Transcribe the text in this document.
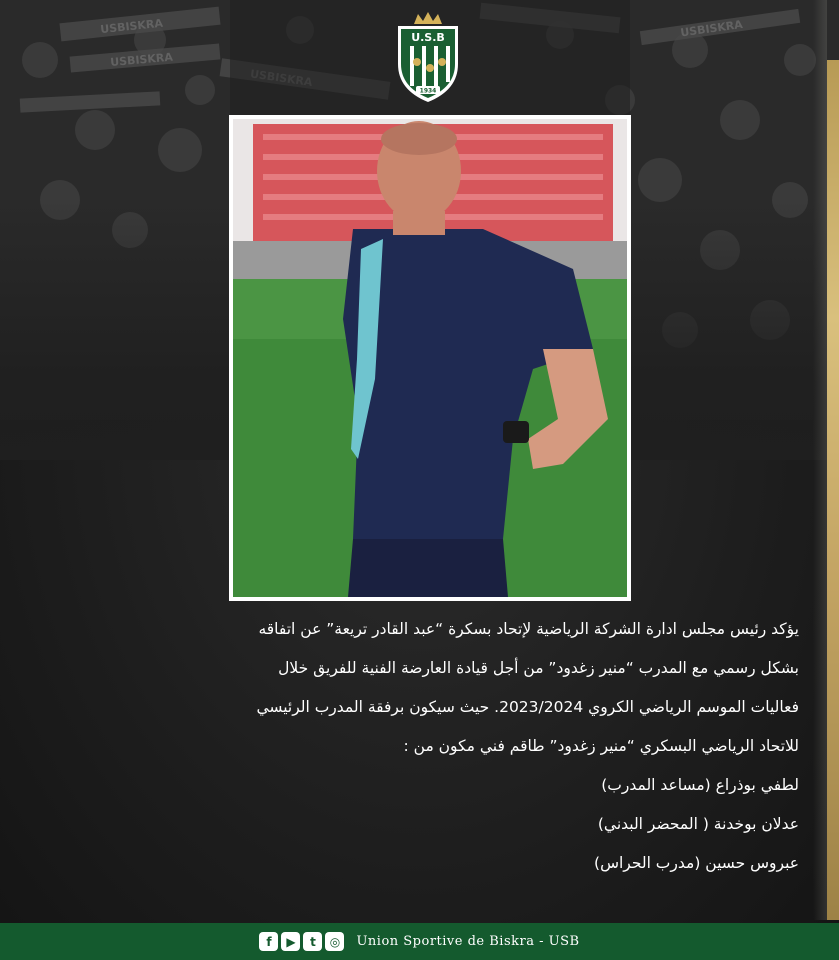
USBISKRA
USBISKRA
USBISKRA
U.S.B
1934
يؤكد رئيس مجلس ادارة الشركة الرياضية لإتحاد بسكرة “عبد القادر تريعة” عن اتفاقه
بشكل رسمي مع المدرب “منير زغدود” من أجل قيادة العارضة الفنية للفريق خلال
فعاليات الموسم الرياضي الكروي 2023/2024. حيث سيكون برفقة المدرب الرئيسي
للاتحاد الرياضي البسكري “منير زغدود” طاقم فني مكون من :
لطفي بوذراع (مساعد المدرب)
عدلان بوخدنة ( المحضر البدني)
عبروس حسين (مدرب الحراس)
f	▶	t	◎	Union Sportive de Biskra - USB
